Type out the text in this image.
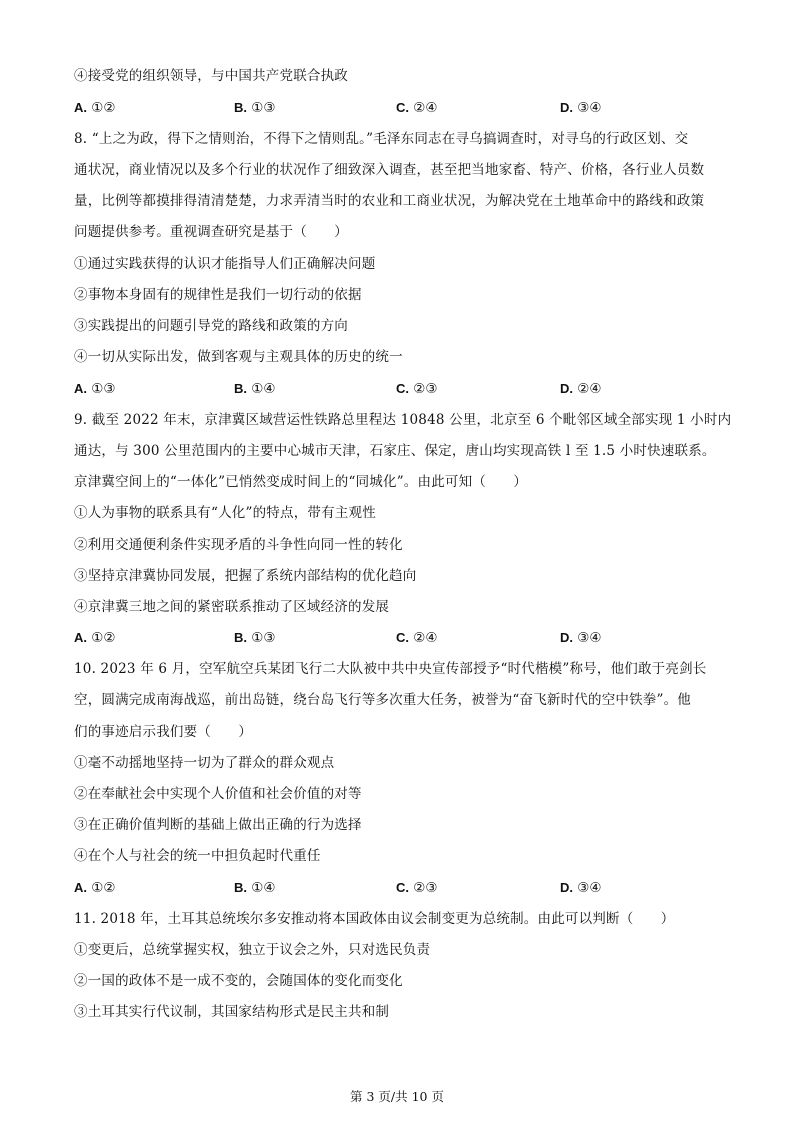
④接受党的组织领导，与中国共产党联合执政
A. ①②	B. ①③	C. ②④	D. ③④
8. “上之为政，得下之情则治，不得下之情则乱。”毛泽东同志在寻乌搞调查时，对寻乌的行政区划、交
通状况，商业情况以及多个行业的状况作了细致深入调查，甚至把当地家畜、特产、价格，各行业人员数
量，比例等都摸排得清清楚楚，力求弄清当时的农业和工商业状况，为解决党在土地革命中的路线和政策
问题提供参考。重视调查研究是基于（　　）
①通过实践获得的认识才能指导人们正确解决问题
②事物本身固有的规律性是我们一切行动的依据
③实践提出的问题引导党的路线和政策的方向
④一切从实际出发，做到客观与主观具体的历史的统一
A. ①③	B. ①④	C. ②③	D. ②④
9. 截至 2022 年末，京津冀区域营运性铁路总里程达 10848 公里，北京至 6 个毗邻区域全部实现 1 小时内
通达，与 300 公里范围内的主要中心城市天津，石家庄、保定，唐山均实现高铁 l 至 1.5 小时快速联系。
京津冀空间上的“一体化”已悄然变成时间上的“同城化”。由此可知（　　）
①人为事物的联系具有“人化”的特点，带有主观性
②利用交通便利条件实现矛盾的斗争性向同一性的转化
③坚持京津冀协同发展，把握了系统内部结构的优化趋向
④京津冀三地之间的紧密联系推动了区域经济的发展
A. ①②	B. ①③	C. ②④	D. ③④
10. 2023 年 6 月，空军航空兵某团飞行二大队被中共中央宣传部授予“时代楷模”称号，他们敢于亮剑长
空，圆满完成南海战巡，前出岛链，绕台岛飞行等多次重大任务，被誉为“奋飞新时代的空中铁拳”。他
们的事迹启示我们要（　　）
①毫不动摇地坚持一切为了群众的群众观点
②在奉献社会中实现个人价值和社会价值的对等
③在正确价值判断的基础上做出正确的行为选择
④在个人与社会的统一中担负起时代重任
A. ①②	B. ①④	C. ②③	D. ③④
11. 2018 年，土耳其总统埃尔多安推动将本国政体由议会制变更为总统制。由此可以判断（　　）
①变更后，总统掌握实权，独立于议会之外，只对选民负责
②一国的政体不是一成不变的，会随国体的变化而变化
③土耳其实行代议制，其国家结构形式是民主共和制
第 3 页/共 10 页
